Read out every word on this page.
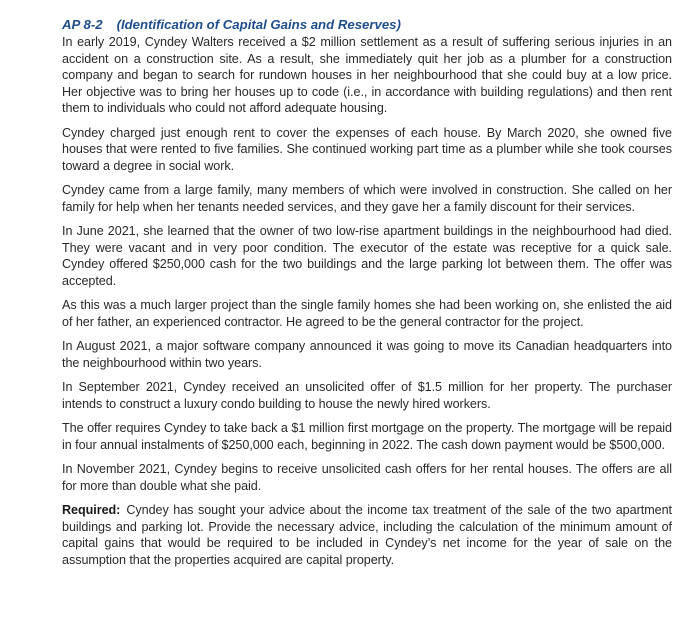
AP 8-2 (Identification of Capital Gains and Reserves)

In early 2019, Cyndey Walters received a $2 million settlement as a result of suffering serious injuries in an accident on a construction site. As a result, she immediately quit her job as a plumber for a construction company and began to search for rundown houses in her neighbourhood that she could buy at a low price. Her objective was to bring her houses up to code (i.e., in accordance with building regulations) and then rent them to individuals who could not afford adequate housing.

Cyndey charged just enough rent to cover the expenses of each house. By March 2020, she owned five houses that were rented to five families. She continued working part time as a plumber while she took courses toward a degree in social work.

Cyndey came from a large family, many members of which were involved in construction. She called on her family for help when her tenants needed services, and they gave her a family discount for their services.

In June 2021, she learned that the owner of two low-rise apartment buildings in the neighbourhood had died. They were vacant and in very poor condition. The executor of the estate was receptive for a quick sale. Cyndey offered $250,000 cash for the two buildings and the large parking lot between them. The offer was accepted.

As this was a much larger project than the single family homes she had been working on, she enlisted the aid of her father, an experienced contractor. He agreed to be the general contractor for the project.

In August 2021, a major software company announced it was going to move its Canadian headquarters into the neighbourhood within two years.

In September 2021, Cyndey received an unsolicited offer of $1.5 million for her property. The purchaser intends to construct a luxury condo building to house the newly hired workers.

The offer requires Cyndey to take back a $1 million first mortgage on the property. The mortgage will be repaid in four annual instalments of $250,000 each, beginning in 2022. The cash down payment would be $500,000.

In November 2021, Cyndey begins to receive unsolicited cash offers for her rental houses. The offers are all for more than double what she paid.

Required: Cyndey has sought your advice about the income tax treatment of the sale of the two apartment buildings and parking lot. Provide the necessary advice, including the calculation of the minimum amount of capital gains that would be required to be included in Cyndey’s net income for the year of sale on the assumption that the properties acquired are capital property.
